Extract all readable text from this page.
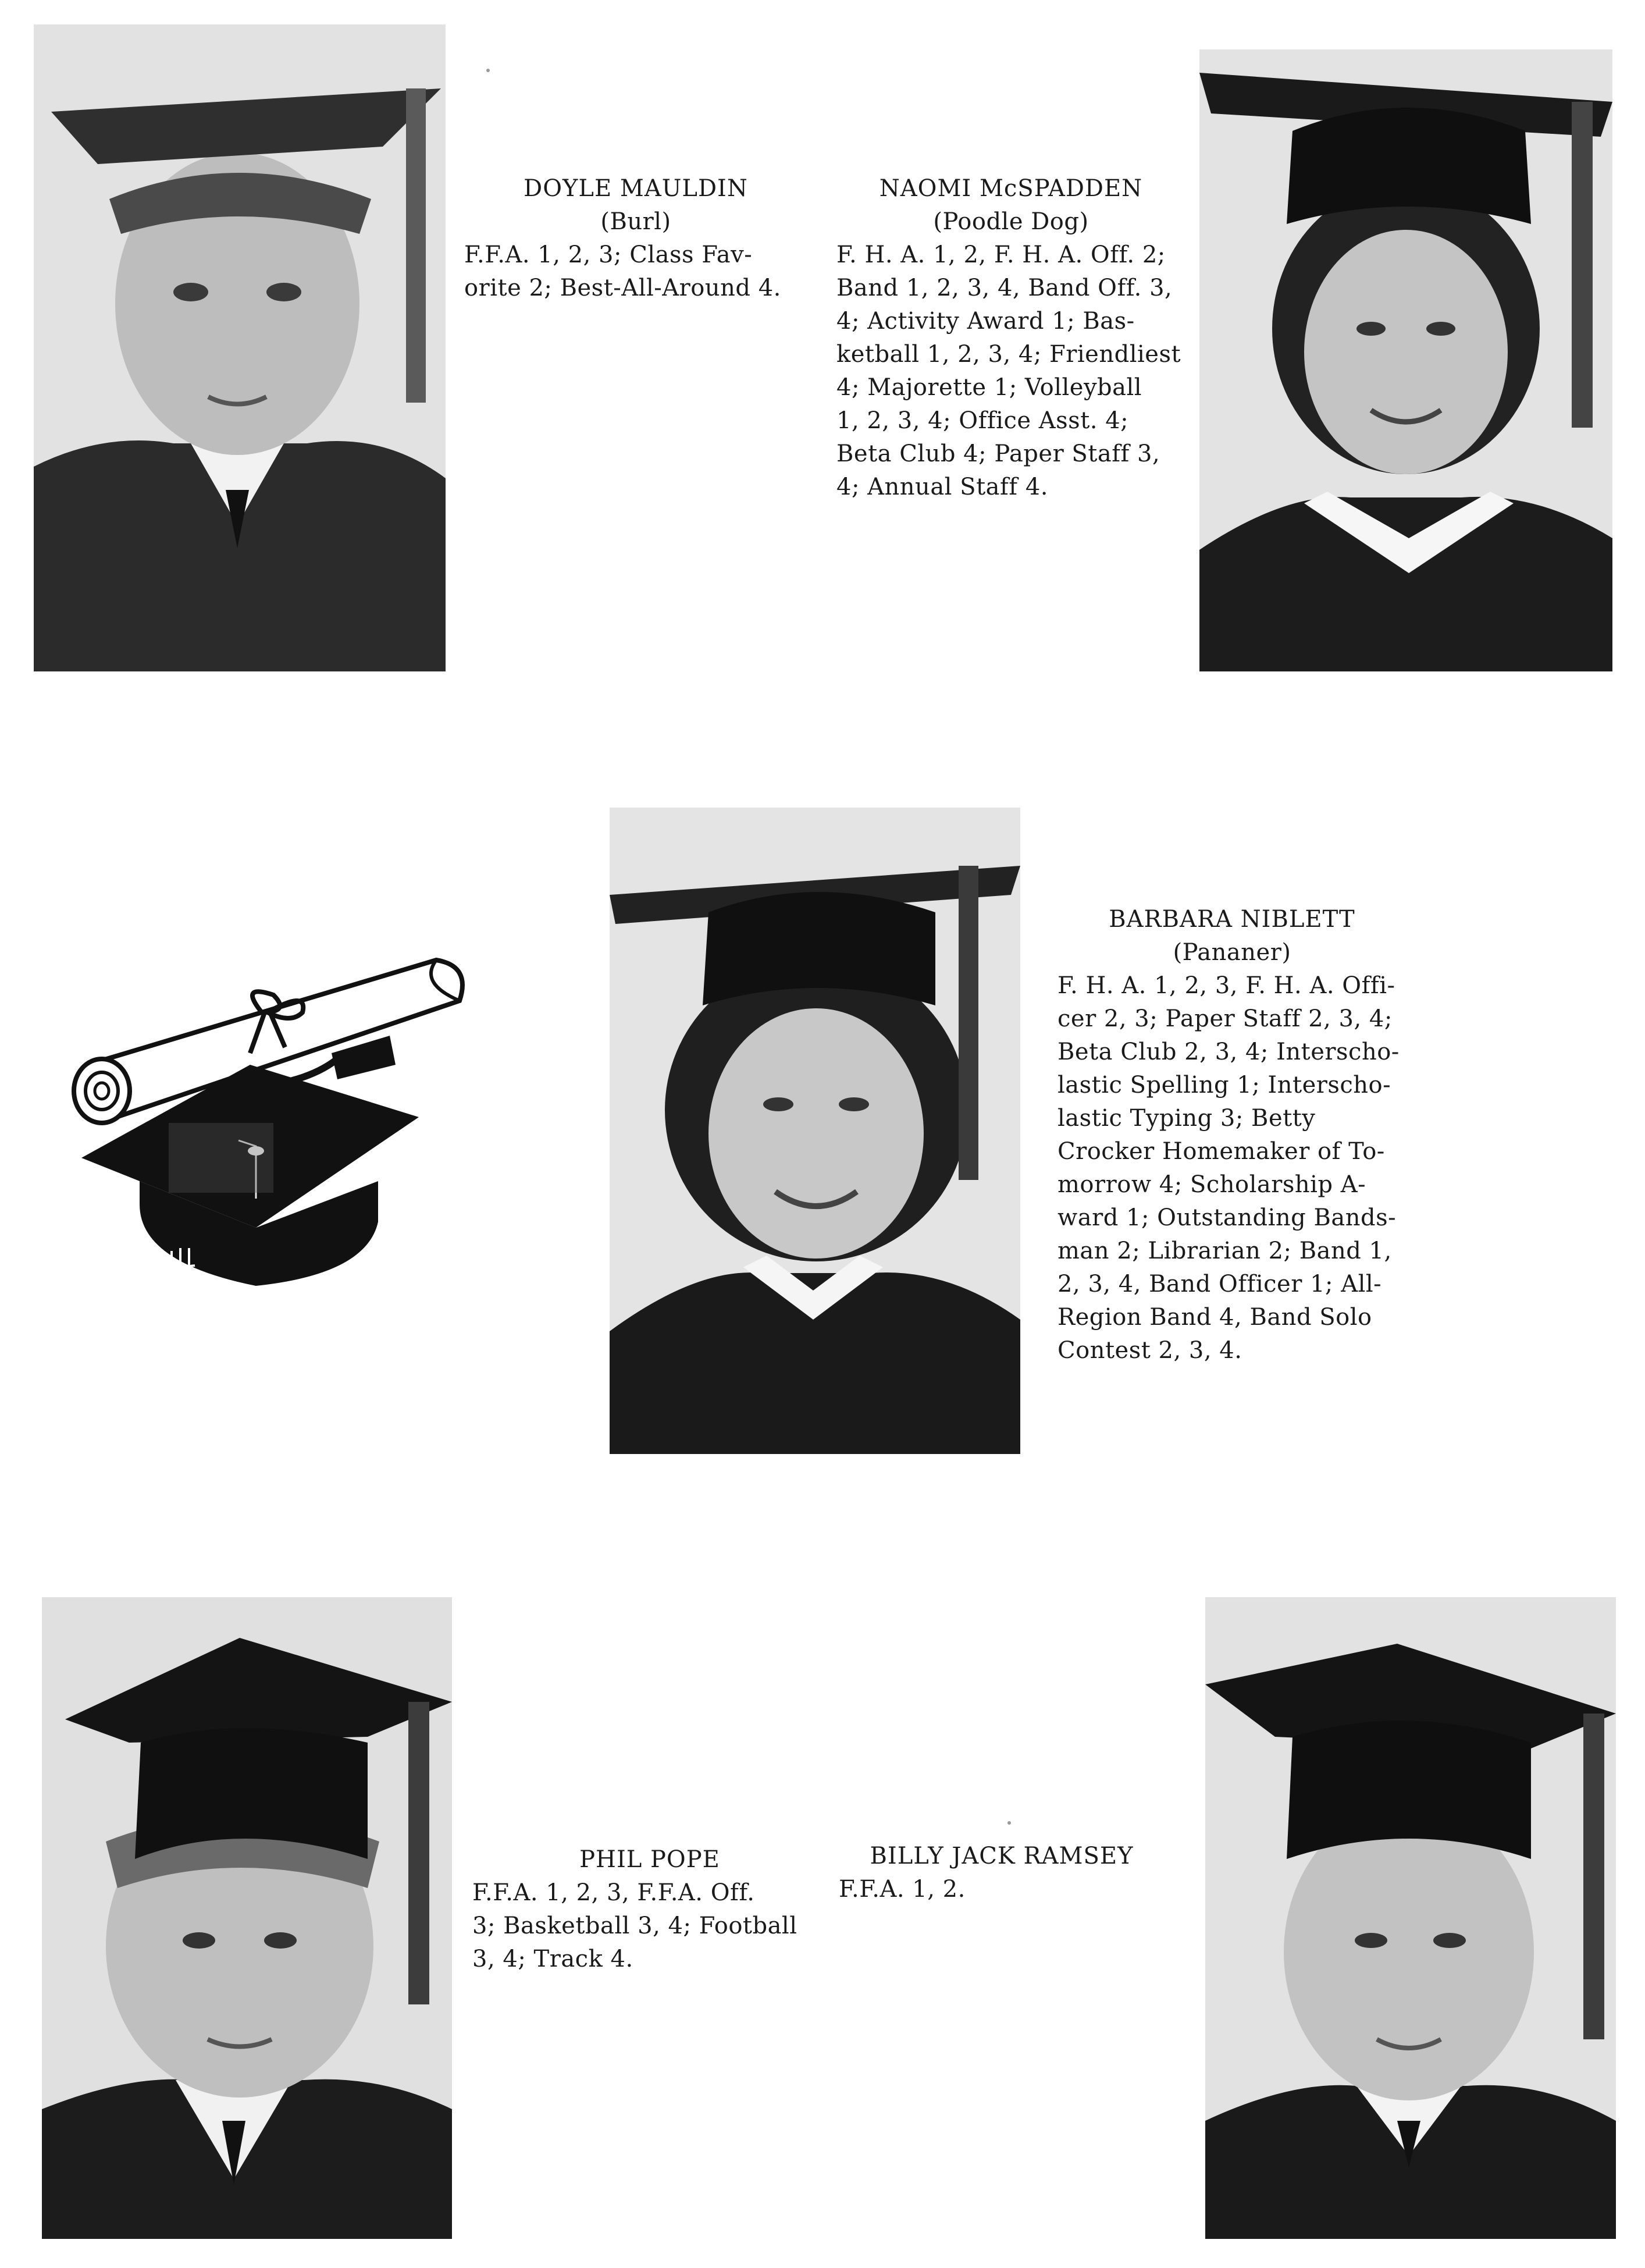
DOYLE MAULDIN
(Burl)
F.F.A. 1, 2, 3; Class Fav-
orite 2; Best-All-Around 4.
NAOMI McSPADDEN
(Poodle Dog)
F. H. A. 1, 2, F. H. A. Off. 2;
Band 1, 2, 3, 4, Band Off. 3,
4; Activity Award 1; Bas-
ketball 1, 2, 3, 4; Friendliest
4; Majorette 1; Volleyball
1, 2, 3, 4; Office Asst. 4;
Beta Club 4; Paper Staff 3,
4; Annual Staff 4.
BARBARA NIBLETT
(Pananer)
F. H. A. 1, 2, 3, F. H. A. Offi-
cer 2, 3; Paper Staff 2, 3, 4;
Beta Club 2, 3, 4; Interscho-
lastic Spelling 1; Interscho-
lastic Typing 3; Betty
Crocker Homemaker of To-
morrow 4; Scholarship A-
ward 1; Outstanding Bands-
man 2; Librarian 2; Band 1,
2, 3, 4, Band Officer 1; All-
Region Band 4, Band Solo
Contest 2, 3, 4.
PHIL POPE
F.F.A. 1, 2, 3, F.F.A. Off.
3; Basketball 3, 4; Football
3, 4; Track 4.
BILLY JACK RAMSEY
F.F.A. 1, 2.
